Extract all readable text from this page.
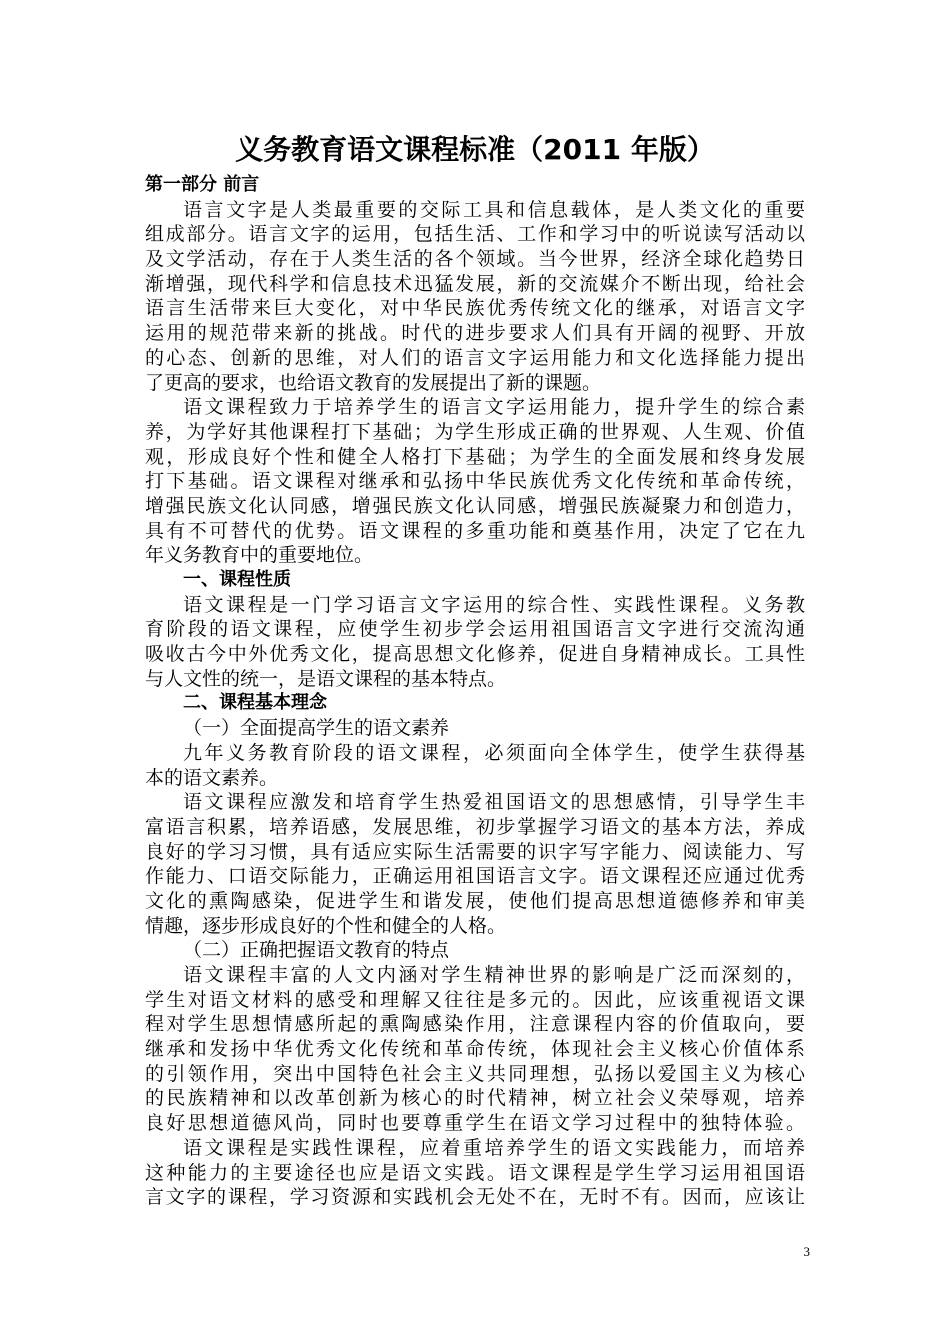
义务教育语文课程标准（2011 年版）
第一部分 前言
语言文字是人类最重要的交际工具和信息载体，是人类文化的重要
组成部分。语言文字的运用，包括生活、工作和学习中的听说读写活动以
及文学活动，存在于人类生活的各个领域。当今世界，经济全球化趋势日
渐增强，现代科学和信息技术迅猛发展，新的交流媒介不断出现，给社会
语言生活带来巨大变化，对中华民族优秀传统文化的继承，对语言文字
运用的规范带来新的挑战。时代的进步要求人们具有开阔的视野、开放
的心态、创新的思维，对人们的语言文字运用能力和文化选择能力提出
了更高的要求，也给语文教育的发展提出了新的课题。
语文课程致力于培养学生的语言文字运用能力，提升学生的综合素
养，为学好其他课程打下基础；为学生形成正确的世界观、人生观、价值
观，形成良好个性和健全人格打下基础；为学生的全面发展和终身发展
打下基础。语文课程对继承和弘扬中华民族优秀文化传统和革命传统，
增强民族文化认同感，增强民族文化认同感，增强民族凝聚力和创造力，
具有不可替代的优势。语文课程的多重功能和奠基作用，决定了它在九
年义务教育中的重要地位。
一、课程性质
语文课程是一门学习语言文字运用的综合性、实践性课程。义务教
育阶段的语文课程，应使学生初步学会运用祖国语言文字进行交流沟通
吸收古今中外优秀文化，提高思想文化修养，促进自身精神成长。工具性
与人文性的统一，是语文课程的基本特点。
二、课程基本理念
（一）全面提高学生的语文素养
九年义务教育阶段的语文课程，必须面向全体学生，使学生获得基
本的语文素养。
语文课程应激发和培育学生热爱祖国语文的思想感情，引导学生丰
富语言积累，培养语感，发展思维，初步掌握学习语文的基本方法，养成
良好的学习习惯，具有适应实际生活需要的识字写字能力、阅读能力、写
作能力、口语交际能力，正确运用祖国语言文字。语文课程还应通过优秀
文化的熏陶感染，促进学生和谐发展，使他们提高思想道德修养和审美
情趣，逐步形成良好的个性和健全的人格。
（二）正确把握语文教育的特点
语文课程丰富的人文内涵对学生精神世界的影响是广泛而深刻的，
学生对语文材料的感受和理解又往往是多元的。因此，应该重视语文课
程对学生思想情感所起的熏陶感染作用，注意课程内容的价值取向，要
继承和发扬中华优秀文化传统和革命传统，体现社会主义核心价值体系
的引领作用，突出中国特色社会主义共同理想，弘扬以爱国主义为核心
的民族精神和以改革创新为核心的时代精神，树立社会义荣辱观，培养
良好思想道德风尚，同时也要尊重学生在语文学习过程中的独特体验。
语文课程是实践性课程，应着重培养学生的语文实践能力，而培养
这种能力的主要途径也应是语文实践。语文课程是学生学习运用祖国语
言文字的课程，学习资源和实践机会无处不在，无时不有。因而，应该让
3
